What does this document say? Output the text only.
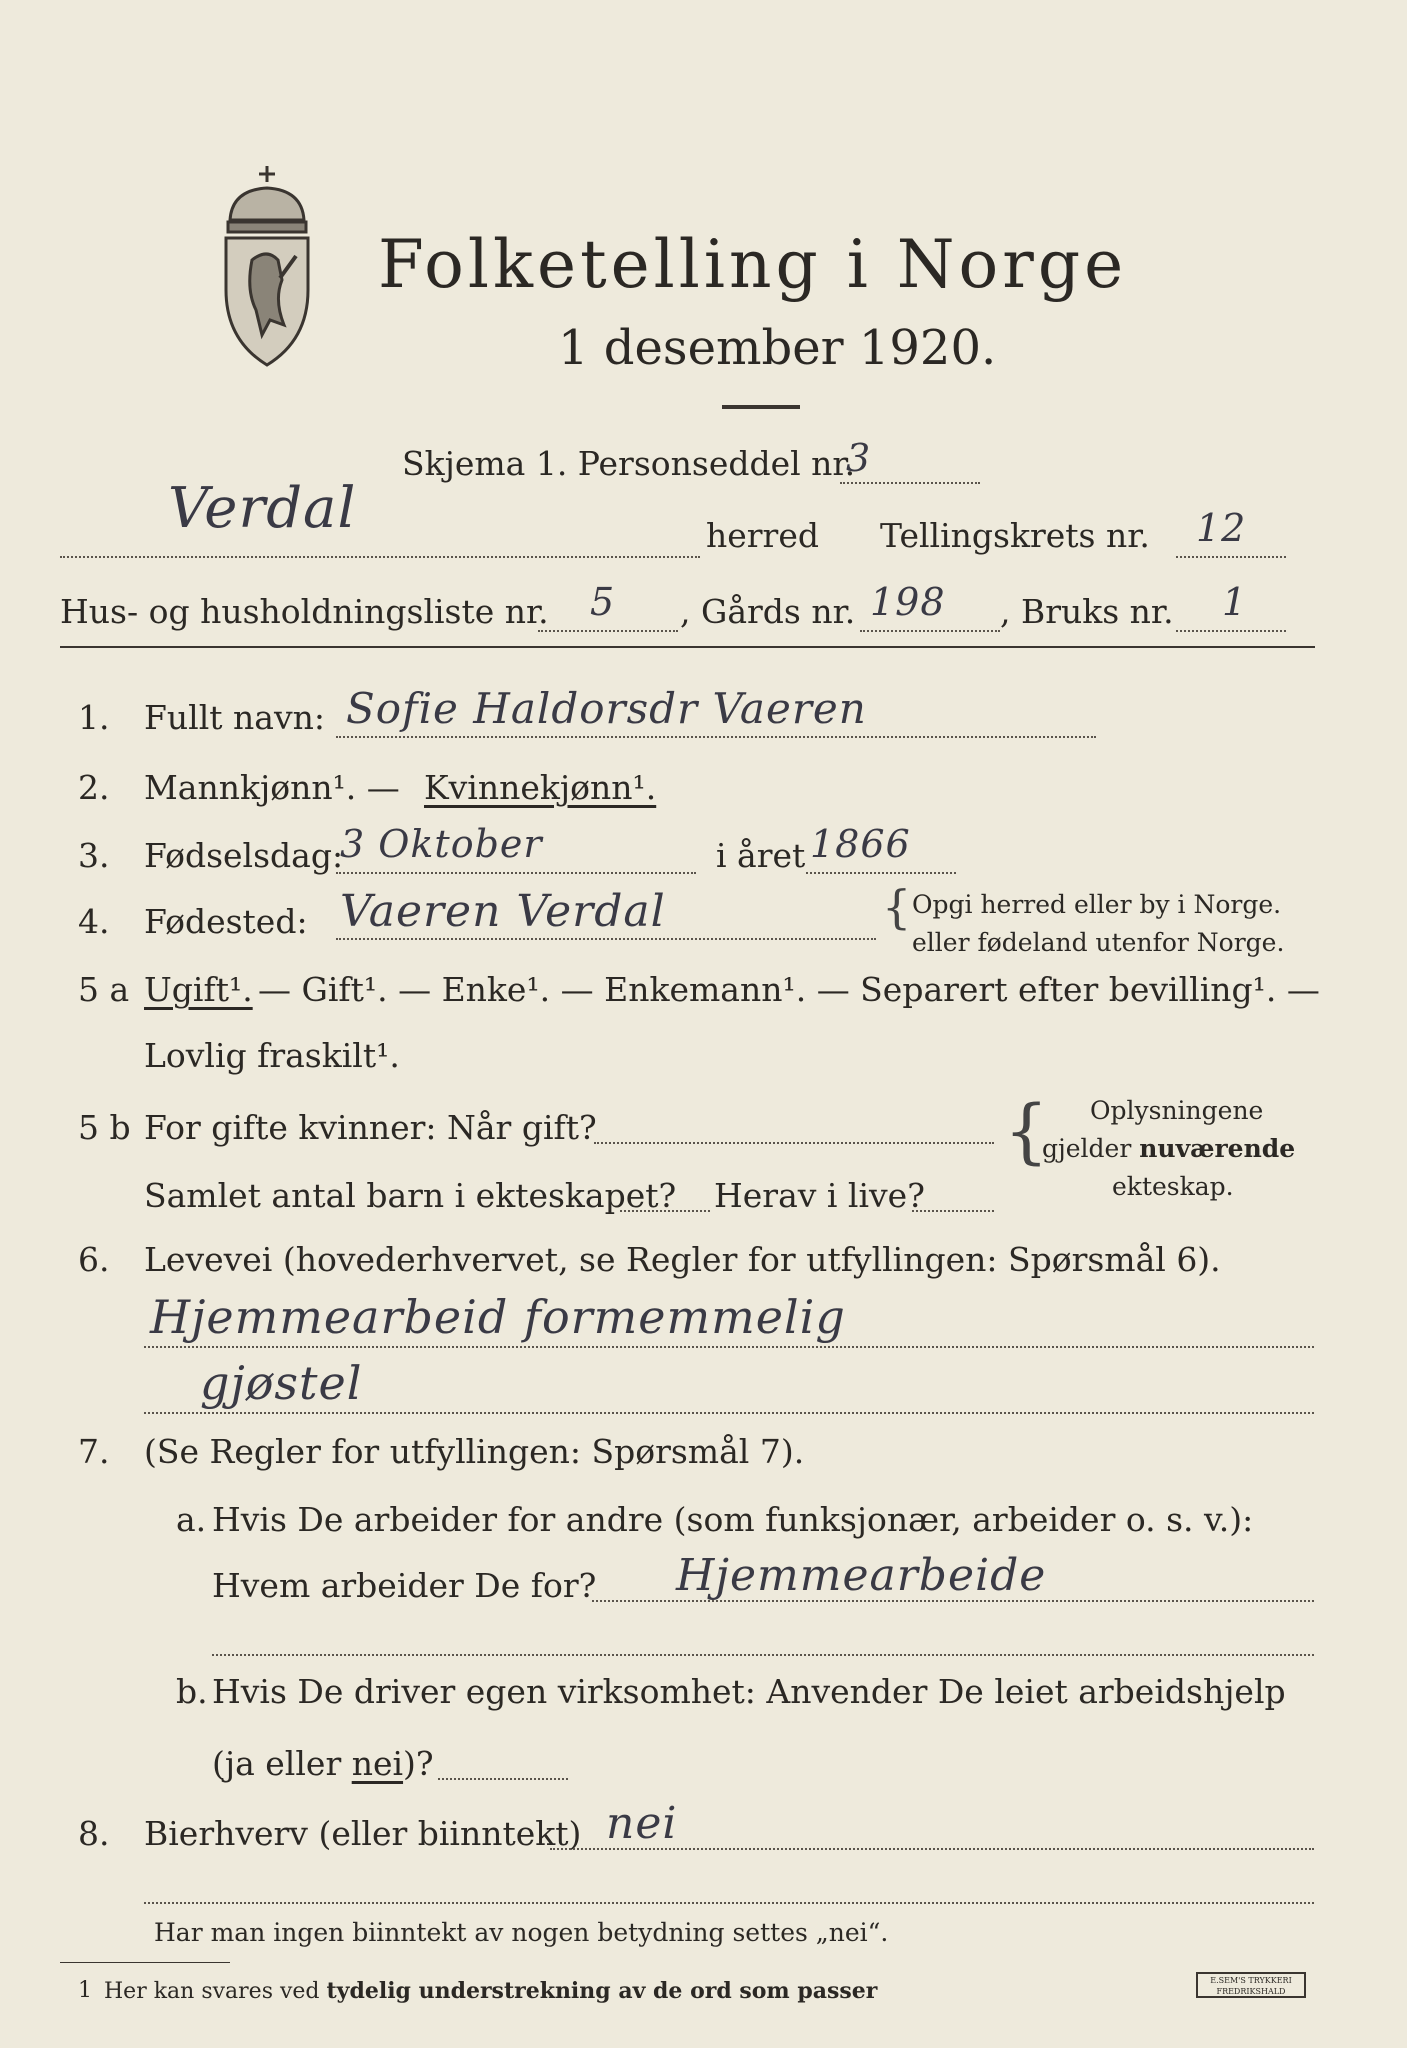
Folketelling i Norge
1 desember 1920.
Skjema 1. Personseddel nr.
3
Verdal	herred Tellingskrets nr. 12
Hus- og husholdningsliste nr. 5 , Gårds nr. 198 , Bruks nr. 1
1. Fullt navn: Sofie Haldorsdr Vaeren
2. Mannkjønn¹. — Kvinnekjønn¹.
3. Fødselsdag:
3 Oktober	i året 1866
4. Fødested: Vaeren Verdal	{ Opgi herred eller by i Norge.
eller fødeland utenfor Norge.
5 a Ugift¹. — Gift¹. — Enke¹. — Enkemann¹. — Separert efter bevilling¹. —
Lovlig fraskilt¹.
5 b For gifte kvinner: Når gift?
Samlet antal barn i ekteskapet? Herav i live?
{ Oplysningene
gjelder nuværende
ekteskap.
6. Levevei (hovederhvervet, se Regler for utfyllingen: Spørsmål 6).
Hjemmearbeid formemmelig
gjøstel
7. (Se Regler for utfyllingen: Spørsmål 7).
a. Hvis De arbeider for andre (som funksjonær, arbeider o. s. v.):
Hvem arbeider De for? Hjemmearbeide
b. Hvis De driver egen virksomhet: Anvender De leiet arbeidshjelp
(ja eller nei)?
8. Bierhverv (eller biinntekt) nei
Har man ingen biinntekt av nogen betydning settes „nei“.
1 Her kan svares ved tydelig understrekning av de ord som passer	E.SEM'S TRYKKERI FREDRIKSHALD
